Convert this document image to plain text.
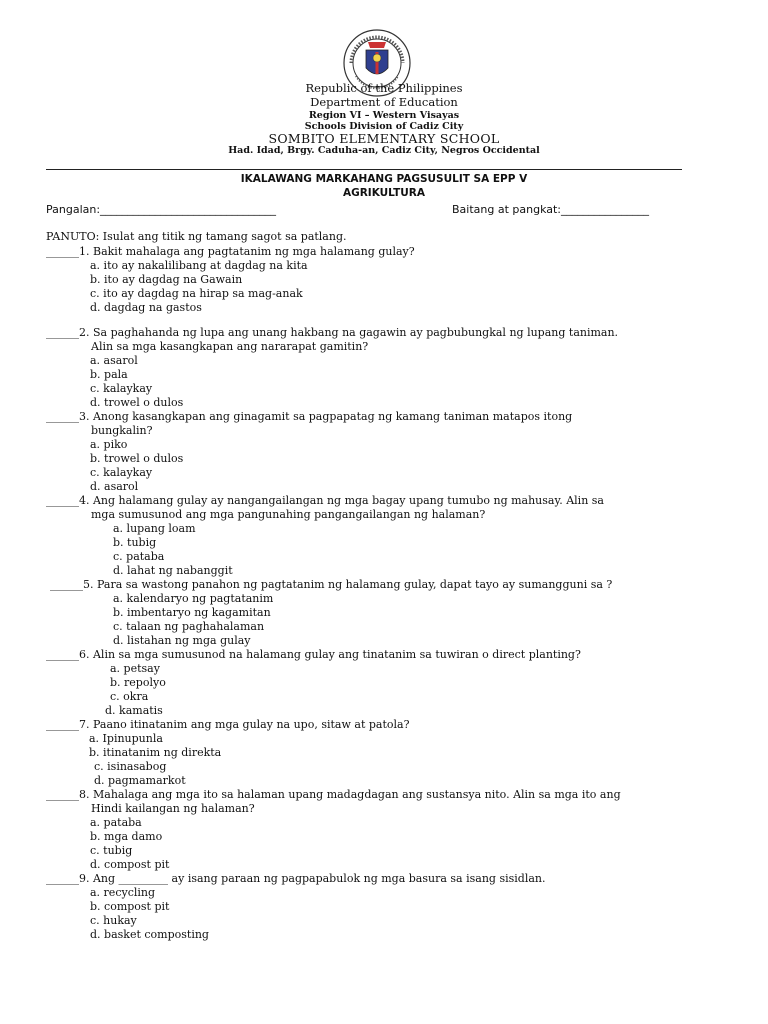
Republic of the Philippines
Department of Education
Region VI – Western Visayas
Schools Division of Cadiz City
SOMBITO ELEMENTARY SCHOOL
Had. Idad, Brgy. Caduha-an, Cadiz City, Negros Occidental
IKALAWANG MARKAHANG PAGSUSULIT SA EPP V
AGRIKULTURA
Pangalan:________________________________	Baitang at pangkat:________________
PANUTO: Isulat ang titik ng tamang sagot sa patlang.
______1. Bakit mahalaga ang pagtatanim ng mga halamang gulay?
a. ito ay nakalilibang at dagdag na kita
b. ito ay dagdag na Gawain
c. ito ay dagdag na hirap sa mag-anak
d. dagdag na gastos
______2. Sa paghahanda ng lupa ang unang hakbang na gagawin ay pagbubungkal ng lupang taniman.
Alin sa mga kasangkapan ang nararapat gamitin?
a. asarol
b. pala
c. kalaykay
d. trowel o dulos
______3. Anong kasangkapan ang ginagamit sa pagpapatag ng kamang taniman matapos itong
bungkalin?
a. piko
b. trowel o dulos
c. kalaykay
d. asarol
______4. Ang halamang gulay ay nangangailangan ng mga bagay upang tumubo ng mahusay. Alin sa
mga sumusunod ang mga pangunahing pangangailangan ng halaman?
a. lupang loam
b. tubig
c. pataba
d. lahat ng nabanggit
______5. Para sa wastong panahon ng pagtatanim ng halamang gulay, dapat tayo ay sumangguni sa ?
a. kalendaryo ng pagtatanim
b. imbentaryo ng kagamitan
c. talaan ng paghahalaman
d. listahan ng mga gulay
______6. Alin sa mga sumusunod na halamang gulay ang tinatanim sa tuwiran o direct planting?
a. petsay
b. repolyo
c. okra
d. kamatis
______7. Paano itinatanim ang mga gulay na upo, sitaw at patola?
a. Ipinupunla
b. itinatanim ng direkta
c. isinasabog
d. pagmamarkot
______8. Mahalaga ang mga ito sa halaman upang madagdagan ang sustansya nito. Alin sa mga ito ang
Hindi kailangan ng halaman?
a. pataba
b. mga damo
c. tubig
d. compost pit
______9. Ang _________ ay isang paraan ng pagpapabulok ng mga basura sa isang sisidlan.
a. recycling
b. compost pit
c. hukay
d. basket composting
